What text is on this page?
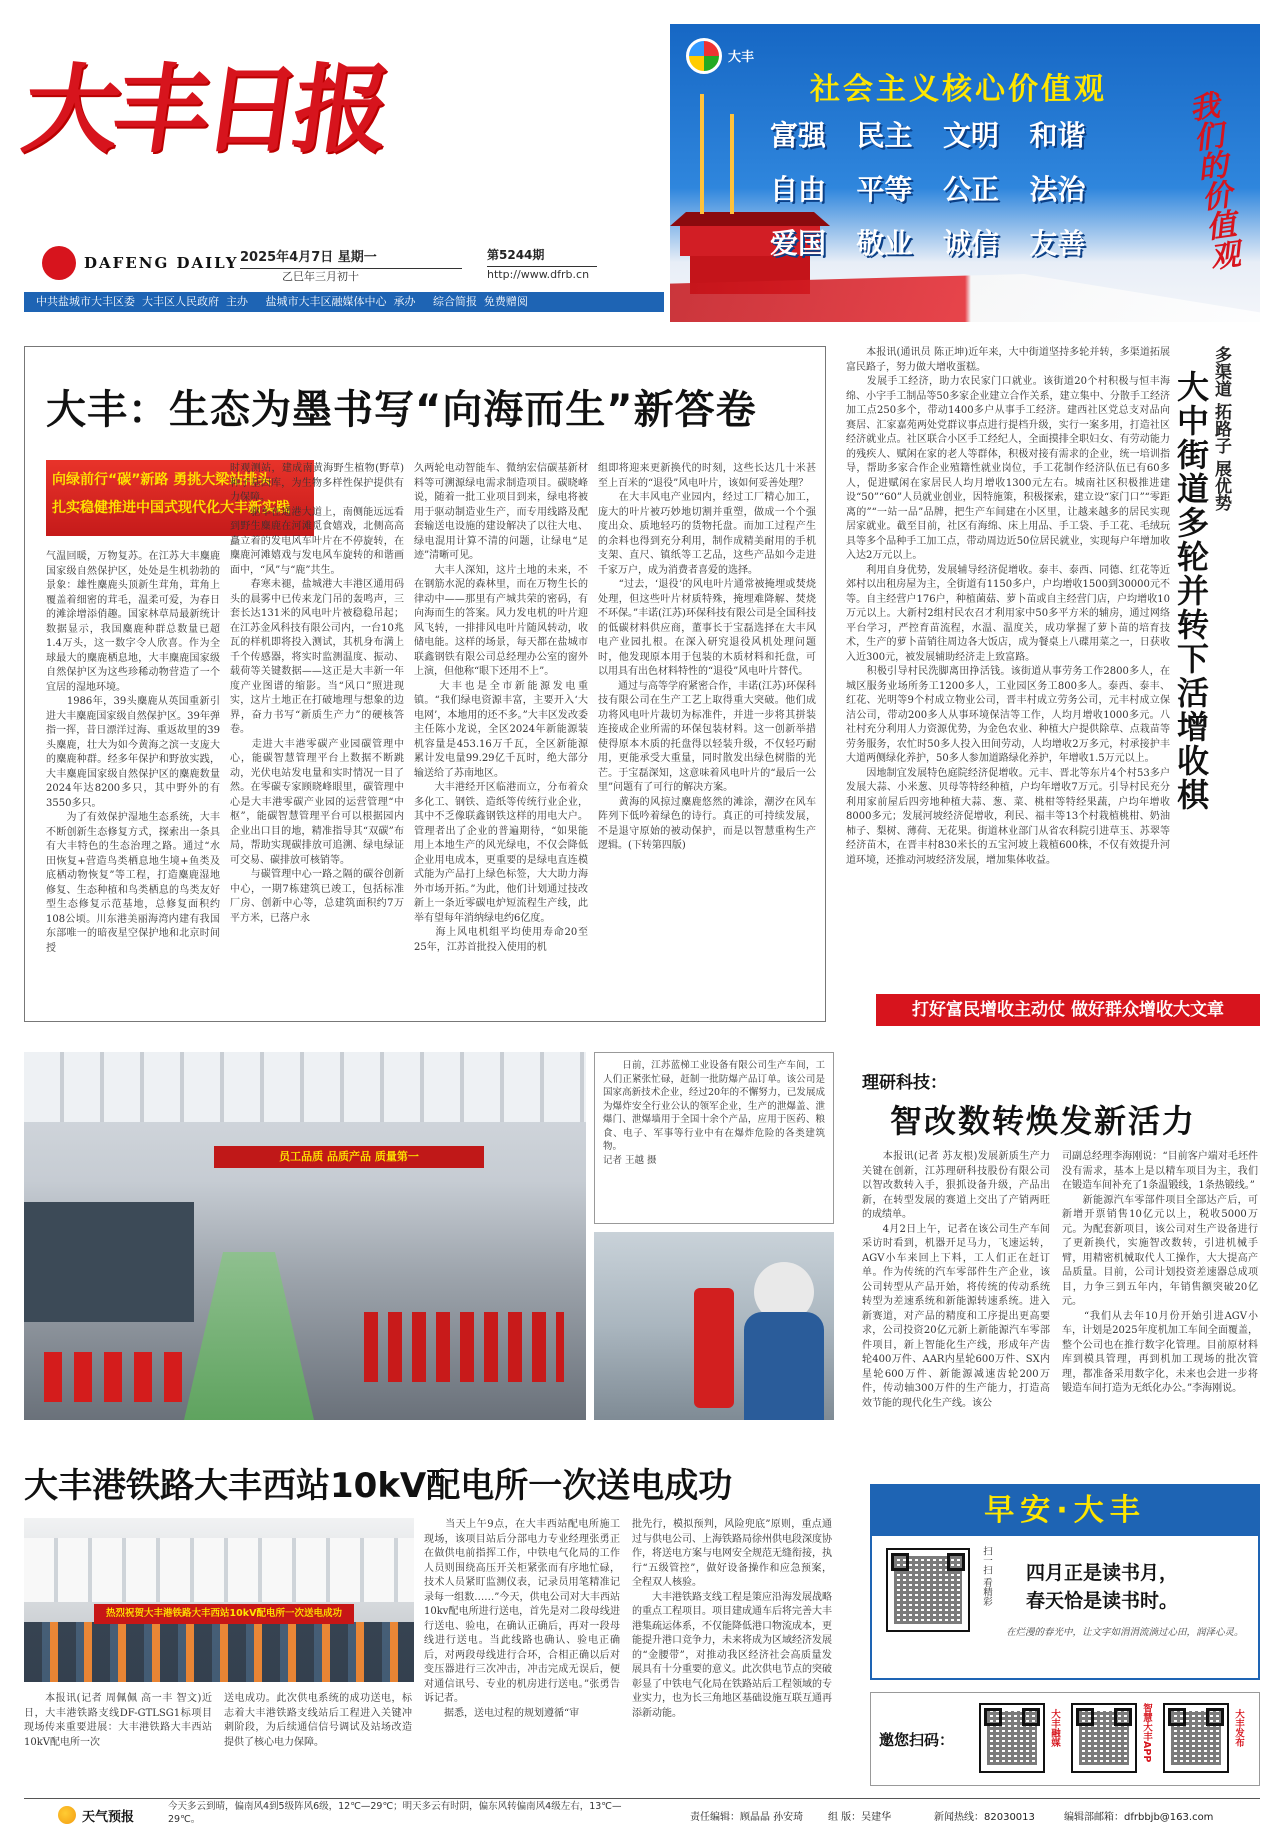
大丰日报
DAFENG DAILY 2025年4月7日 星期一
乙巳年三月初十
第5244期
http://www.dfrb.cn
中共盐城市大丰区委  大丰区人民政府  主办     盐城市大丰区融媒体中心  承办     综合简报  免费赠阅
大丰
社会主义核心价值观
富强	民主	文明	和谐
自由	平等	公正	法治
爱国	敬业	诚信	友善	我们的价值观
大丰：生态为墨书写“向海而生”新答卷
向绿前行“碳”新路 勇挑大梁站排头
扎实稳健推进中国式现代化大丰新实践
气温回暖，万物复苏。在江苏大丰麋鹿国家级自然保护区，处处是生机勃勃的景象：雄性麋鹿头顶新生茸角，茸角上覆盖着细密的茸毛，温柔可爱，为春日的滩涂增添俏趣。国家林草局最新统计数据显示，我国麋鹿种群总数量已超1.4万头，这一数字令人欣喜。作为全球最大的麋鹿栖息地，大丰麋鹿国家级自然保护区为这些珍稀动物营造了一个宜居的湿地环境。
　　1986年，39头麋鹿从英国重新引进大丰麋鹿国家级自然保护区。39年弹指一挥，昔日漂洋过海、重返故里的39头麋鹿，壮大为如今黄海之滨一支庞大的麋鹿种群。经多年保护和野放实践，大丰麋鹿国家级自然保护区的麋鹿数量2024年达8200多只，其中野外的有3550多只。
　　为了有效保护湿地生态系统，大丰不断创新生态修复方式，探索出一条具有大丰特色的生态治理之路。通过“水田恢复+营造鸟类栖息地生境+鱼类及底栖动物恢复”等工程，打造麋鹿湿地修复、生态种植和鸟类栖息的鸟类友好型生态修复示范基地，总修复面积约108公顷。川东港美丽海湾内建有我国东部唯一的暗夜星空保护地和北京时间授
时观测站，建成南黄海野生植物(野草)种子基因库，为生物多样性保护提供有力保障。
　　驱车在通港大道上，南侧能远远看到野生麋鹿在河滩觅食嬉戏，北侧高高矗立着的发电风车叶片在不停旋转，在麋鹿河滩嬉戏与发电风车旋转的和谐画面中，“风”与“鹿”共生。
　　春寒未褪，盐城港大丰港区通用码头的晨雾中已传来龙门吊的轰鸣声，三套长达131米的风电叶片被稳稳吊起；在江苏金风科技有限公司内，一台10兆瓦的样机即将投入测试，其机身布满上千个传感器，将实时监测温度、振动、载荷等关键数据——这正是大丰新一年度产业图谱的缩影。当“风口”照进现实，这片土地正在打破地理与想象的边界，奋力书写“新质生产力”的硬核答卷。
　　走进大丰港零碳产业园碳管理中心，能碳智慧管理平台上数据不断跳动，光伏电站发电量和实时情况一目了然。在零碳专家顾晓峰眼里，碳管理中心是大丰港零碳产业园的运营管理“中枢”，能碳智慧管理平台可以根据园内企业出口目的地，精准指导其“双碳”布局，帮助实现碳排放可追溯、绿电绿证可交易、碳排放可核销等。
　　与碳管理中心一路之隔的碳谷创新中心，一期7栋建筑已竣工，包括标准厂房、创新中心等，总建筑面积约7万平方米，已落户永
久两轮电动智能车、微纳宏信碳基新材料等可溯源绿电需求制造项目。碳晓峰说，随着一批工业项目到来，绿电将被用于驱动制造业生产，而专用线路及配套输送电设施的建设解决了以往大电、绿电混用计算不清的问题，让绿电“足迹”清晰可见。
　　大丰人深知，这片土地的未来，不在钢筋水泥的森林里，而在万物生长的律动中——那里有产城共荣的密码，有向海而生的答案。风力发电机的叶片迎风飞转，一排排风电叶片随风转动，收储电能。这样的场景，每天都在盐城市联鑫钢铁有限公司总经理办公室的窗外上演，但他称“眼下还用不上”。
　　大丰也是全市新能源发电重镇。“我们绿电资源丰富，主要开入‘大电网’，本地用的还不多。”大丰区发改委主任陈小龙说，全区2024年新能源装机容量是453.16万千瓦，全区新能源累计发电量99.29亿千瓦时，绝大部分输送给了苏南地区。
　　大丰港经开区临港而立，分布着众多化工、钢铁、造纸等传统行业企业，其中不乏像联鑫钢铁这样的用电大户。管理者出了企业的普遍期待，“如果能用上本地生产的风光绿电，不仅会降低企业用电成本，更重要的是绿电直连模式能为产品打上绿色标签，大大助力海外市场开拓。”为此，他们计划通过技改新上一条近零碳电炉短流程生产线，此举有望每年消纳绿电约6亿度。
　　海上风电机组平均使用寿命20至25年，江苏首批投入使用的机
组即将迎来更新换代的时刻，这些长达几十米甚至上百米的“退役”风电叶片，该如何妥善处理？
　　在大丰风电产业园内，经过工厂精心加工，庞大的叶片被巧妙地切割并重塑，做成一个个强度出众、质地轻巧的货物托盘。而加工过程产生的余料也得到充分利用，制作成精美耐用的手机支架、直尺、镇纸等工艺品，这些产品如今走进千家万户，成为消费者喜爱的选择。
　　“过去，‘退役’的风电叶片通常被掩埋或焚烧处理，但这些叶片材质特殊，掩埋难降解、焚烧不环保。”丰诺(江苏)环保科技有限公司是全国科技的低碳材料供应商，董事长于宝磊选择在大丰风电产业园扎根。在深入研究退役风机处理问题时，他发现原本用于包装的木质材料和托盘，可以用具有出色材料特性的“退役”风电叶片替代。
　　通过与高等学府紧密合作，丰诺(江苏)环保科技有限公司在生产工艺上取得重大突破。他们成功将风电叶片裁切为标准件，并进一步将其拼装连接成企业所需的环保包装材料。这一创新举措使得原本木质的托盘得以轻装升级，不仅轻巧耐用，更能承受大重量，同时散发出绿色树脂的光芒。于宝磊深知，这意味着风电叶片的“最后一公里”问题有了可行的解决方案。
　　黄海的风掠过麋鹿悠然的滩涂，潮汐在风车阵列下低吟着绿色的诗行。真正的可持续发展，不是退守原始的被动保护，而是以智慧重构生产逻辑。(下转第四版)
　　本报讯(通讯员 陈正坤)近年来，大中街道坚持多轮并转，多渠道拓展富民路子，努力做大增收蛋糕。
　　发展手工经济，助力农民家门口就业。该街道20个村积极与恒丰海绵、小宇手工制品等50多家企业建立合作关系，建立集中、分散手工经济加工点250多个，带动1400多户从事手工经济。建西社区党总支对品向赛居、汇家嘉苑两处党群议事点进行提档升级，实行一案多用，打造社区经济就业点。社区联合小区手工经纪人，全面摸排全职妇女、有劳动能力的残疾人、赋闲在家的老人等群体，积极对接有需求的企业，统一培训指导，帮助多家合作企业殖籍性就业岗位，手工花制作经济队伍已有60多人，促进赋闲在家居民人均月增收1300元左右。城南社区积极推进建设“50”“60”人员就业创业，因特施策，积极探索，建立设“家门口”“零距离的”“一站一品”品牌，把生产车间建在小区里，让越来越多的居民实现居家就业。截至目前，社区有海绵、床上用品、手工袋、手工花、毛绒玩具等多个品种手工加工点，带动周边近50位居民就业，实现每户年增加收入达2万元以上。
　　利用自身优势，发展辅导经济促增收。泰丰、泰西、同德、红花等近郊村以出租房屋为主，全街道有1150多户，户均增收1500到30000元不等。自主经营户176户，种植菌菇、萝卜苗或自主经营门店，户均增收10万元以上。大新村2组村民农召才利用家中50多平方米的辅房，通过网络平台学习，严控育苗流程，水温、温度关，成功掌握了萝卜苗的培育技术，生产的萝卜苗销往周边各大饭店，成为餐桌上八碟用菜之一，日获收入近300元，被发展辅助经济走上致富路。
　　积极引导村民洗脚离田挣活钱。该街道从事劳务工作2800多人，在城区服务业场所务工1200多人，工业园区务工800多人。泰西、泰丰、红花、光明等9个村成立物业公司，晋丰村成立劳务公司，元丰村成立保洁公司，带动200多人从事环境保洁等工作，人均月增收1000多元。八社村充分利用人力资源优势，为金色农业、种植大户提供除草、点栽苗等劳务服务，农忙时50多人投入田间劳动，人均增收2万多元，村承接护丰大道两侧绿化养护，50多人参加道路绿化养护，年增收1.5万元以上。
　　因地制宜发展特色庭院经济促增收。元丰、晋北等东片4个村53多户发展大蒜、小米葱、贝母等特经种植，户均年增收7万元。引导村民充分利用家前屋后四旁地种植大蒜、葱、菜、桃柑等特经果蔬，户均年增收8000多元；发展河坡经济促增收，利民、福丰等13个村栽植桃柑、奶油柿子、梨树、薄荷、无花果。街道林业部门从省农科院引进草玉、苏翠等经济苗木，在晋丰村830米长的五宝河坡上栽植600株，不仅有效提升河道环境，还推动河坡经济发展，增加集体收益。
多渠道 拓路子 展优势
大中街道多轮并转下活增收棋
打好富民增收主动仗 做好群众增收大文章
员工品质 品质产品 质量第一
　　日前，江苏蓝梯工业设备有限公司生产车间，工人们正紧张忙碌，赶制一批防爆产品订单。该公司是国家高新技术企业，经过20年的不懈努力，已发展成为爆炸安全行业公认的领军企业，生产的泄爆盖、泄爆门、泄爆墙用于全国十余个产品，应用于医药、粮食、电子、军事等行业中有在爆炸危险的各类建筑物。
记者 王越 摄
理研科技：
智改数转焕发新活力
　　本报讯(记者 苏友根)发展新质生产力关键在创新，江苏理研科技股份有限公司以智改数转入手，狠抓设备升级，产品出新，在转型发展的赛道上交出了产销两旺的成绩单。
　　4月2日上午，记者在该公司生产车间采访时看到，机器开足马力，飞速运转，AGV小车来回上下料，工人们正在赶订单。作为传统的汽车零部件生产企业，该公司转型从产品开始，将传统的传动系统转型为差速系统和新能源转速系统。进入新赛道，对产品的精度和工序提出更高要求，公司投资20亿元新上新能源汽车零部件项目，新上智能化生产线，形成年产齿轮400万件、AAR内星轮600万件、SX内星轮600万件、新能源减速齿轮200万件，传动轴300万件的生产能力，打造高效节能的现代化生产线。该公
司副总经理李海刚说：“目前客户端对毛坯件没有需求，基本上是以精车项目为主，我们在锻造车间补充了1条温锻线，1条热锻线。”
　　新能源汽车零部件项目全部达产后，可新增开票销售10亿元以上，税收5000万元。为配套新项目，该公司对生产设备进行了更新换代，实施智改数转，引进机械手臂，用精密机械取代人工操作，大大提高产品质量。目前，公司计划投资差速器总成项目，力争三到五年内，年销售额突破20亿元。
　　“我们从去年10月份开始引进AGV小车，计划是2025年度机加工车间全面覆盖，整个公司也在推行数字化管理。目前原材料库到模具管理，再到机加工现场的批次管理，都准备采用数字化，未来也会进一步将锻造车间打造为无纸化办公。”李海刚说。
大丰港铁路大丰西站10kV配电所一次送电成功
热烈祝贺大丰港铁路大丰西站10kV配电所一次送电成功
　　本报讯(记者 周佩佩 高一丰 智文)近日，大丰港铁路支线DF-GTLSG1标项目现场传来重要进展：大丰港铁路大丰西站10kV配电所一次
送电成功。此次供电系统的成功送电，标志着大丰港铁路支线站后工程进入关键冲刺阶段，为后续通信信号调试及站场改造提供了核心电力保障。
　　当天上午9点，在大丰西站配电所施工现场，该项目站后分部电力专业经理张勇正在做供电前指挥工作，中铁电气化局的工作人员则围绕高压开关柜紧张而有序地忙碌，技术人员紧盯监测仪表，记录员用笔精准记录每一组数……”今天，供电公司对大丰西站10kv配电所进行送电，首先是对二段母线进行送电、验电，在确认正确后，再对一段母线进行送电。当此线路也确认、验电正确后，对两段母线进行合环，合相正确以后对变压器进行三次冲击，冲击完成无误后，便对通信讯号、专业的机房进行送电。”张勇告诉记者。
　　据悉，送电过程的规划遵循“审
批先行，模拟预判，风险兜底”原则，重点通过与供电公司、上海铁路局徐州供电段深度协作，将送电方案与电网安全规范无缝衔接，执行“五级管控”，做好设备操作和应急预案，全程双人核验。
　　大丰港铁路支线工程是策应沿海发展战略的重点工程项目。项目建成通车后将完善大丰港集疏运体系，不仅能降低港口物流成本，更能提升港口竞争力，未来将成为区域经济发展的“金腰带”，对推动我区经济社会高质量发展具有十分重要的意义。此次供电节点的突破彰显了中铁电气化局在铁路站后工程领域的专业实力，也为长三角地区基础设施互联互通再添新动能。
早安·大丰
扫一扫 看精彩 四月正是读书月，
春天恰是读书时。
在烂漫的春光中，让文字如涓涓流淌过心田，润泽心灵。
邀您扫码：	大丰融媒	智慧大丰APP	大丰发布
天气预报
今天多云到晴，偏南风4到5级阵风6级，12℃—29℃；明天多云有时阴，偏东风转偏南风4级左右，13℃—29℃。	责任编辑：顾晶晶 孙安琦 组 版：吴建华	新闻热线：82030013	编辑部邮箱：dfrbbjb@163.com
